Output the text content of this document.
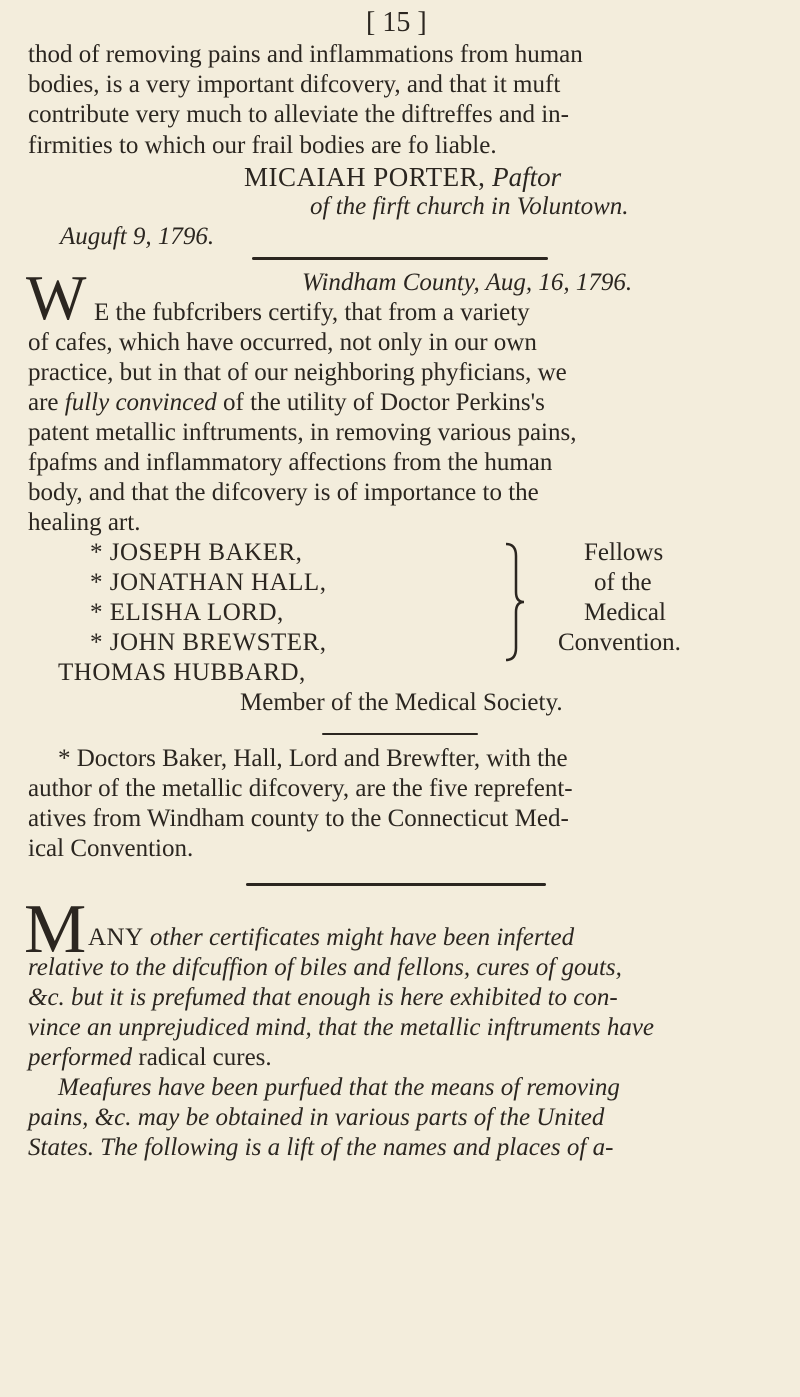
[ 15 ]
thod of removing pains and inflammations from human
bodies, is a very important difcovery, and that it muft
contribute very much to alleviate the diftreffes and in-
firmities to which our frail bodies are fo liable.
MICAIAH PORTER, Paftor
of the firft church in Voluntown.
Auguft 9, 1796.
W	Windham County, Aug, 16, 1796.
E the fubfcribers certify, that from a variety
of cafes, which have occurred, not only in our own
practice, but in that of our neighboring phyficians, we
are fully convinced of the utility of Doctor Perkins's
patent metallic inftruments, in removing various pains,
fpafms and inflammatory affections from the human
body, and that the difcovery is of importance to the
healing art.
* JOSEPH BAKER,
* JONATHAN HALL,
* ELISHA LORD,
* JOHN BREWSTER,
Fellows
of the
Medical
Convention.
THOMAS HUBBARD,
Member of the Medical Society.
* Doctors Baker, Hall, Lord and Brewfter, with the
author of the metallic difcovery, are the five reprefent-
atives from Windham county to the Connecticut Med-
ical Convention.
M ANY other certificates might have been inferted
relative to the difcuffion of biles and fellons, cures of gouts,
&c. but it is prefumed that enough is here exhibited to con-
vince an unprejudiced mind, that the metallic inftruments have
performed radical cures.
Meafures have been purfued that the means of removing
pains, &c. may be obtained in various parts of the United
States. The following is a lift of the names and places of a-
